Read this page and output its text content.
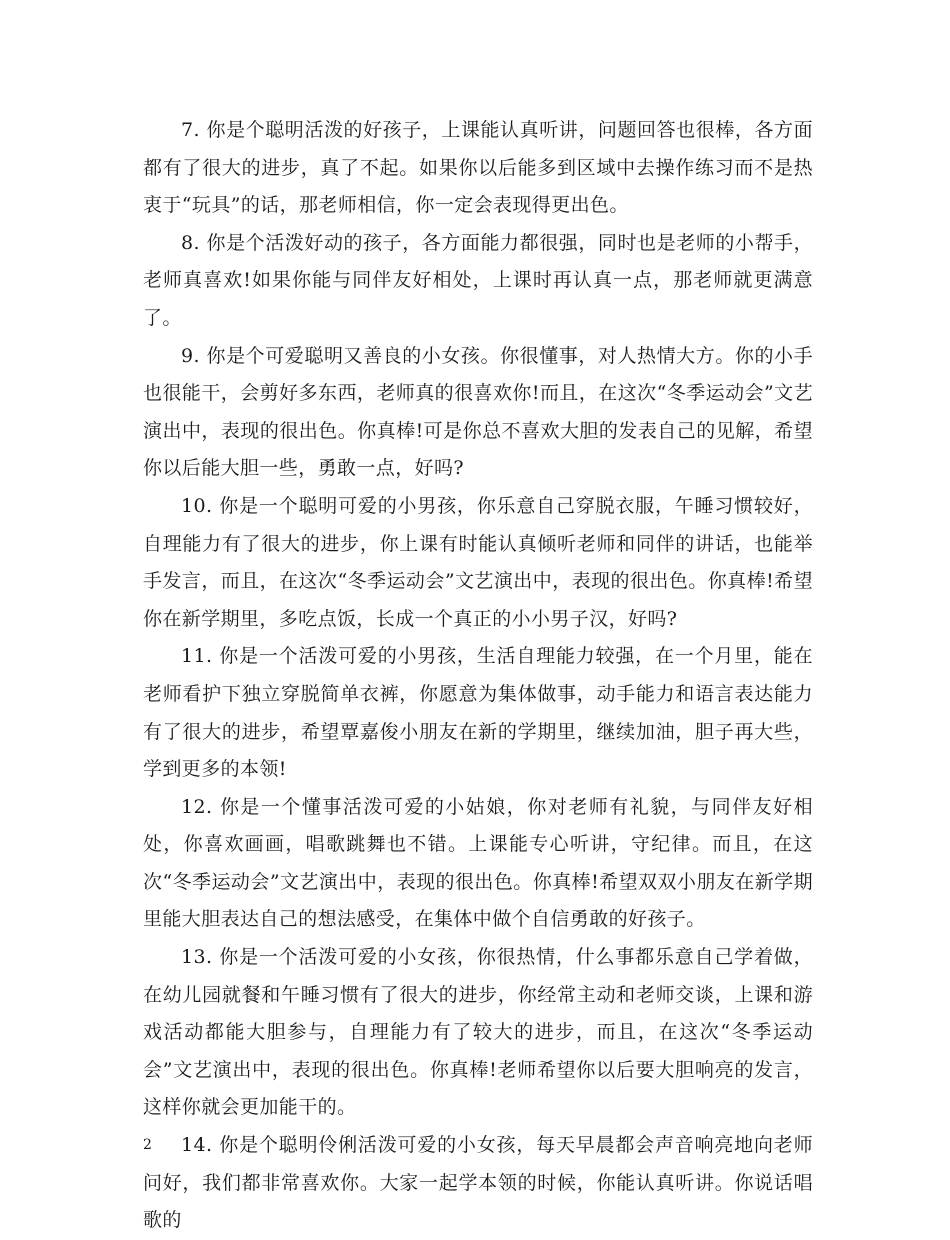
7. 你是个聪明活泼的好孩子，上课能认真听讲，问题回答也很棒，各方面都有了很大的进步，真了不起。如果你以后能多到区域中去操作练习而不是热衷于“玩具”的话，那老师相信，你一定会表现得更出色。

8. 你是个活泼好动的孩子，各方面能力都很强，同时也是老师的小帮手，老师真喜欢!如果你能与同伴友好相处，上课时再认真一点，那老师就更满意了。

9. 你是个可爱聪明又善良的小女孩。你很懂事，对人热情大方。你的小手也很能干，会剪好多东西，老师真的很喜欢你!而且，在这次“冬季运动会”文艺演出中，表现的很出色。你真棒!可是你总不喜欢大胆的发表自己的见解，希望你以后能大胆一些，勇敢一点，好吗?

10. 你是一个聪明可爱的小男孩，你乐意自己穿脱衣服，午睡习惯较好，自理能力有了很大的进步，你上课有时能认真倾听老师和同伴的讲话，也能举手发言，而且，在这次“冬季运动会”文艺演出中，表现的很出色。你真棒!希望你在新学期里，多吃点饭，长成一个真正的小小男子汉，好吗?

11. 你是一个活泼可爱的小男孩，生活自理能力较强，在一个月里，能在老师看护下独立穿脱简单衣裤，你愿意为集体做事，动手能力和语言表达能力有了很大的进步，希望覃嘉俊小朋友在新的学期里，继续加油，胆子再大些，学到更多的本领!

12. 你是一个懂事活泼可爱的小姑娘，你对老师有礼貌，与同伴友好相处，你喜欢画画，唱歌跳舞也不错。上课能专心听讲，守纪律。而且，在这次“冬季运动会”文艺演出中，表现的很出色。你真棒!希望双双小朋友在新学期里能大胆表达自己的想法感受，在集体中做个自信勇敢的好孩子。

13. 你是一个活泼可爱的小女孩，你很热情，什么事都乐意自己学着做，在幼儿园就餐和午睡习惯有了很大的进步，你经常主动和老师交谈，上课和游戏活动都能大胆参与，自理能力有了较大的进步，而且，在这次“冬季运动会”文艺演出中，表现的很出色。你真棒!老师希望你以后要大胆响亮的发言，这样你就会更加能干的。

14. 你是个聪明伶俐活泼可爱的小女孩，每天早晨都会声音响亮地向老师问好，我们都非常喜欢你。大家一起学本领的时候，你能认真听讲。你说话唱歌的

2
